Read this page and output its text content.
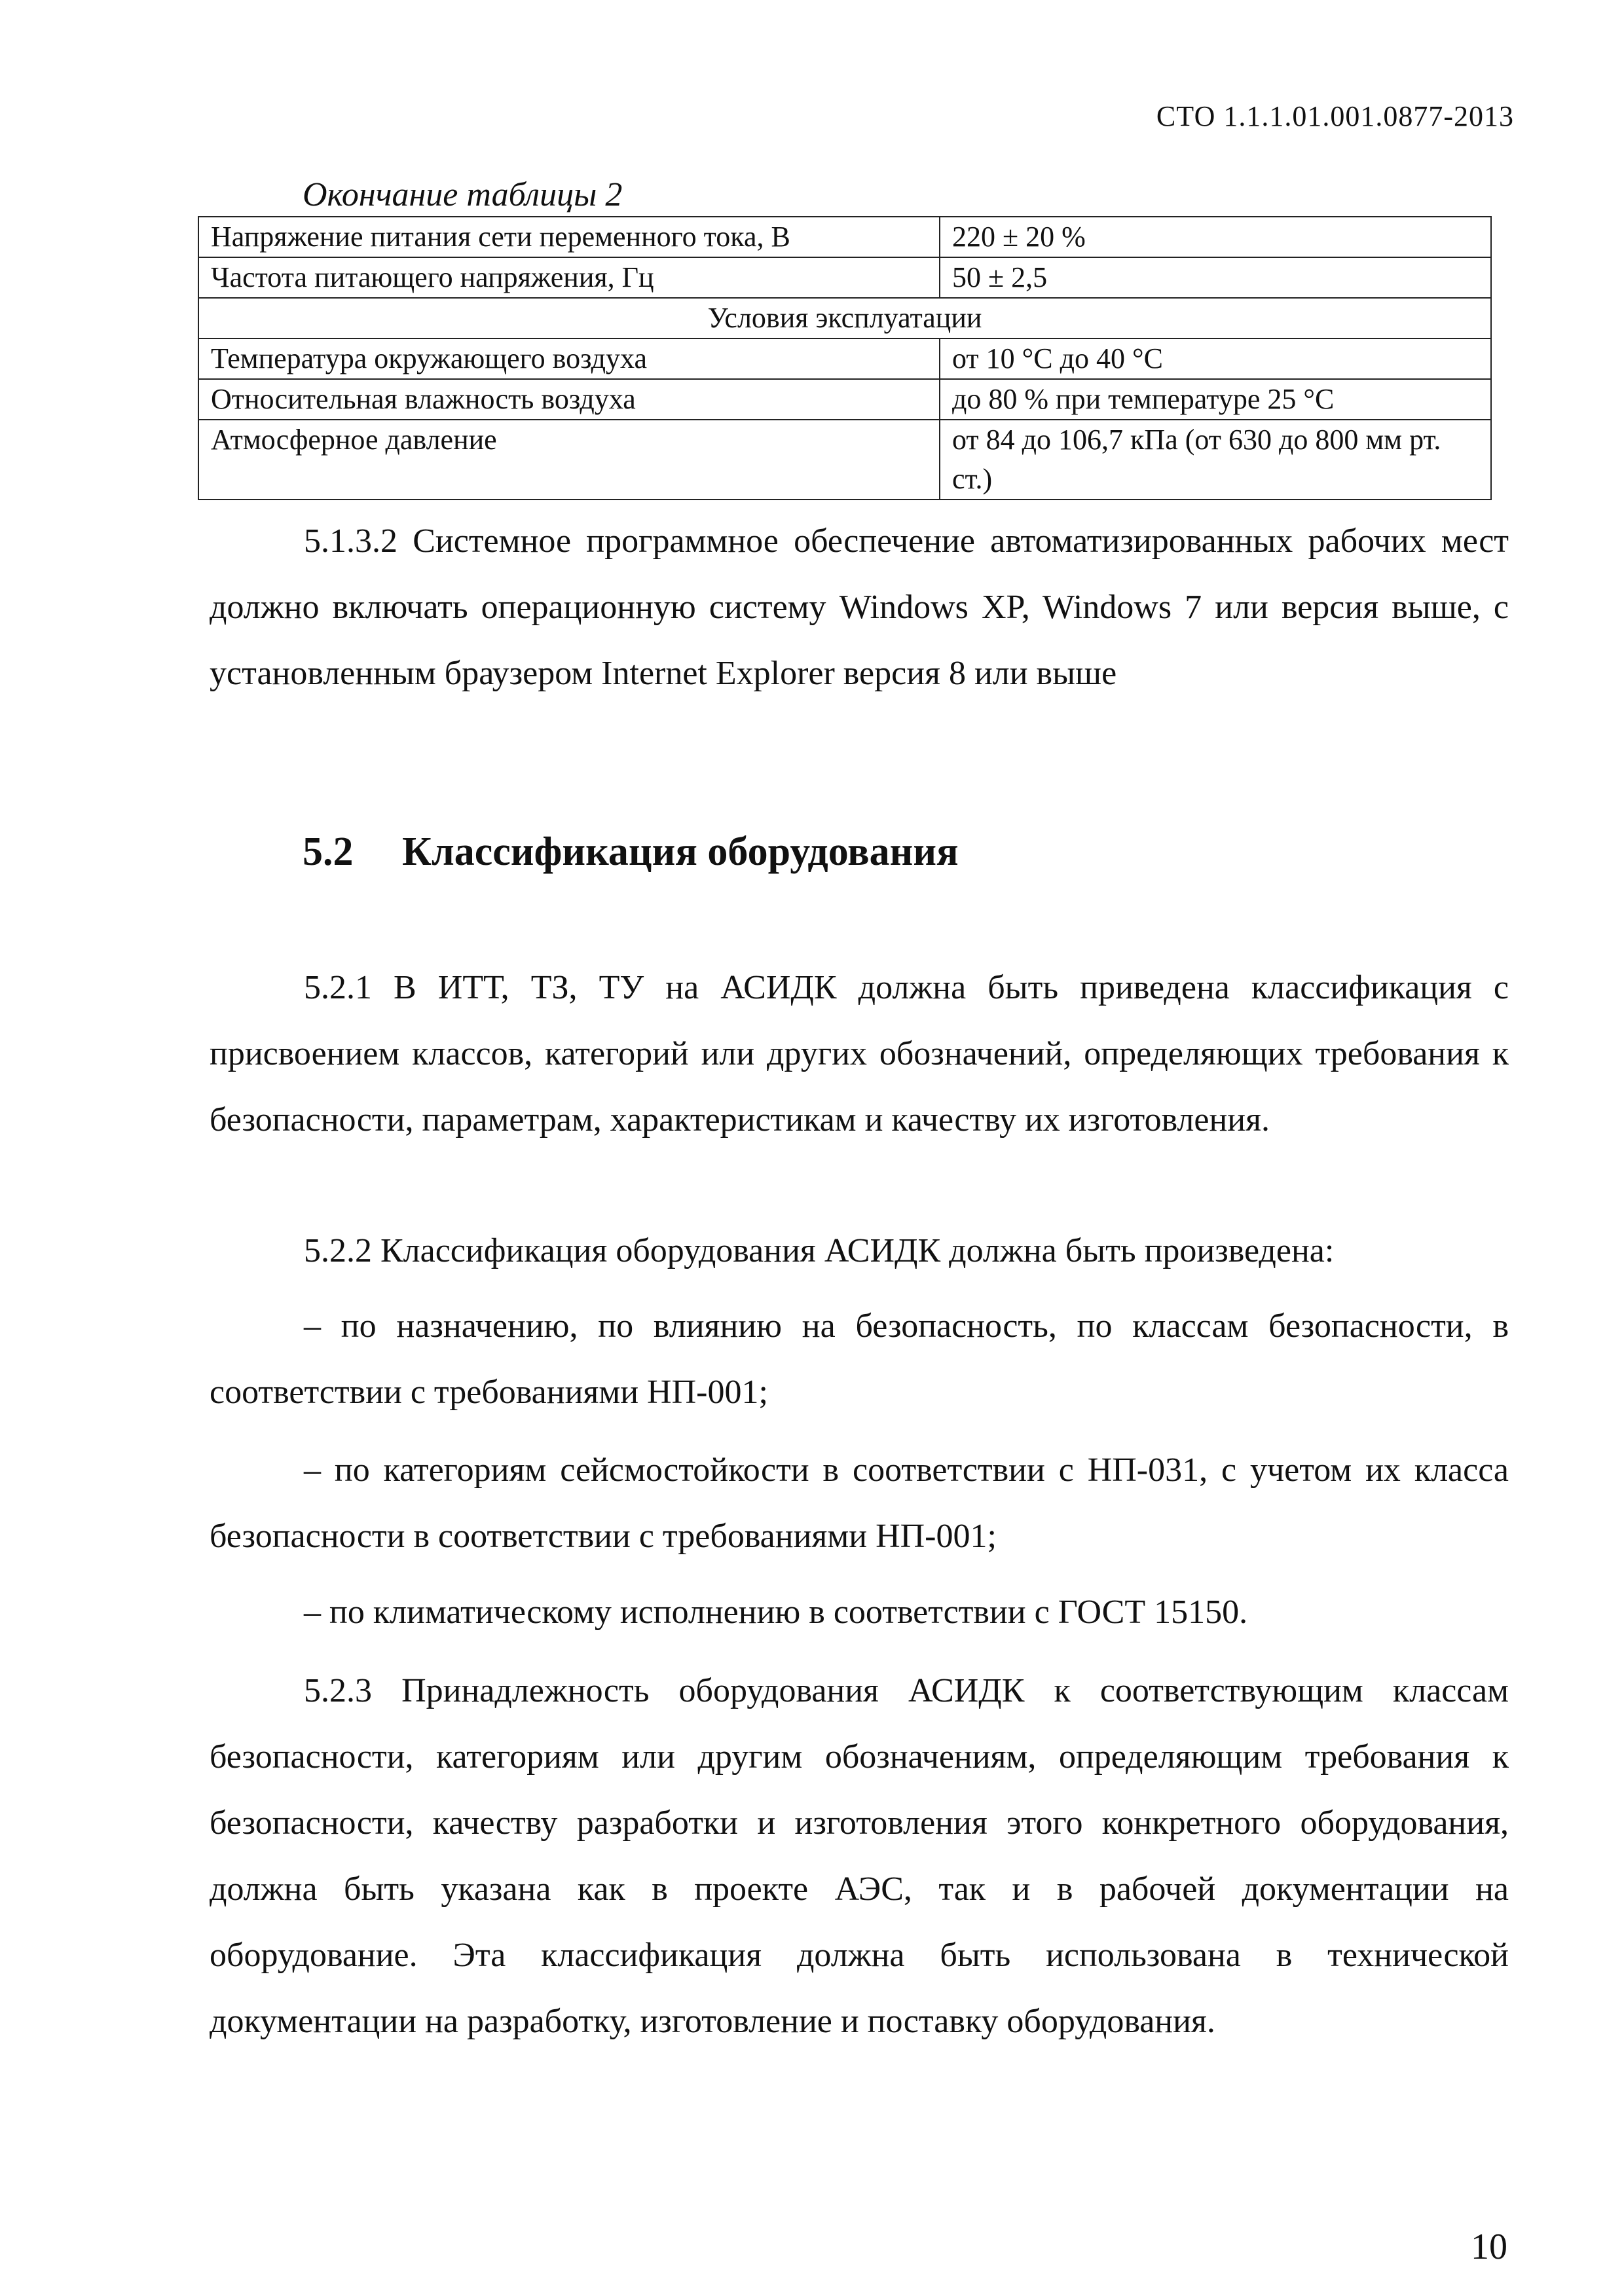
СТО 1.1.1.01.001.0877-2013
Окончание таблицы 2
Напряжение питания сети переменного тока, В	220 ± 20 %
Частота питающего напряжения, Гц	50 ± 2,5
Условия эксплуатации	
Температура окружающего воздуха	от 10 °С до 40 °С
Относительная влажность воздуха	до 80 % при температуре 25 °С
Атмосферное давление	от 84 до 106,7 кПа (от 630 до 800 мм рт. ст.)

5.1.3.2 Системное программное обеспечение автоматизированных рабочих мест должно включать операционную систему Windows XP, Windows 7 или версия выше, с установленным браузером Internet Explorer версия 8 или выше

5.2 Классификация оборудования

5.2.1 В ИТТ, ТЗ, ТУ на АСИДК должна быть приведена классификация с присвоением классов, категорий или других обозначений, определяющих требования к безопасности, параметрам, характеристикам и качеству их изготовления.

5.2.2 Классификация оборудования АСИДК должна быть произведена:

– по назначению, по влиянию на безопасность, по классам безопасности, в соответствии с требованиями НП-001;

– по категориям сейсмостойкости в соответствии с НП-031, с учетом их класса безопасности в соответствии с требованиями НП-001;

– по климатическому исполнению в соответствии с ГОСТ 15150.

5.2.3 Принадлежность оборудования АСИДК к соответствующим классам безопасности, категориям или другим обозначениям, определяющим требования к безопасности, качеству разработки и изготовления этого конкретного оборудования, должна быть указана как в проекте АЭС, так и в рабочей документации на оборудование. Эта классификация должна быть использована в технической документации на разработку, изготовление и поставку оборудования.

10
